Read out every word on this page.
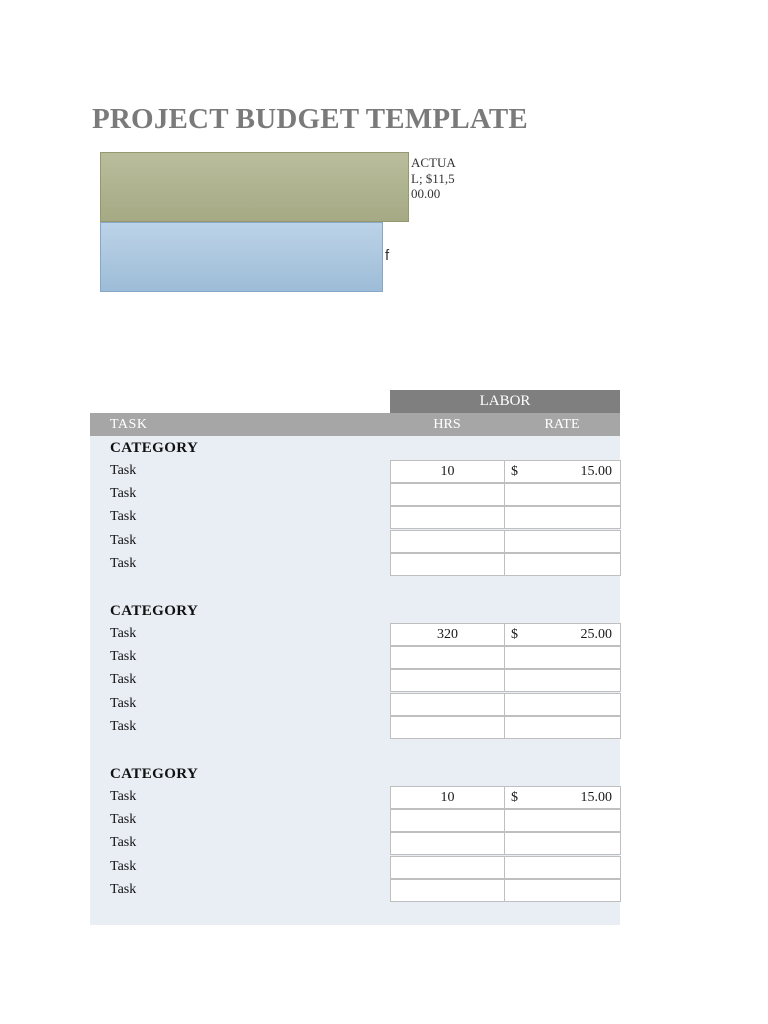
PROJECT BUDGET TEMPLATE
ACTUAL; $11,500.00
f
LABOR
TASK	HRS	RATE
CATEGORY
Task	10	$	15.00
Task
Task
Task
Task
CATEGORY
Task	320	$	25.00
Task
Task
Task
Task
CATEGORY
Task	10	$	15.00
Task
Task
Task
Task
